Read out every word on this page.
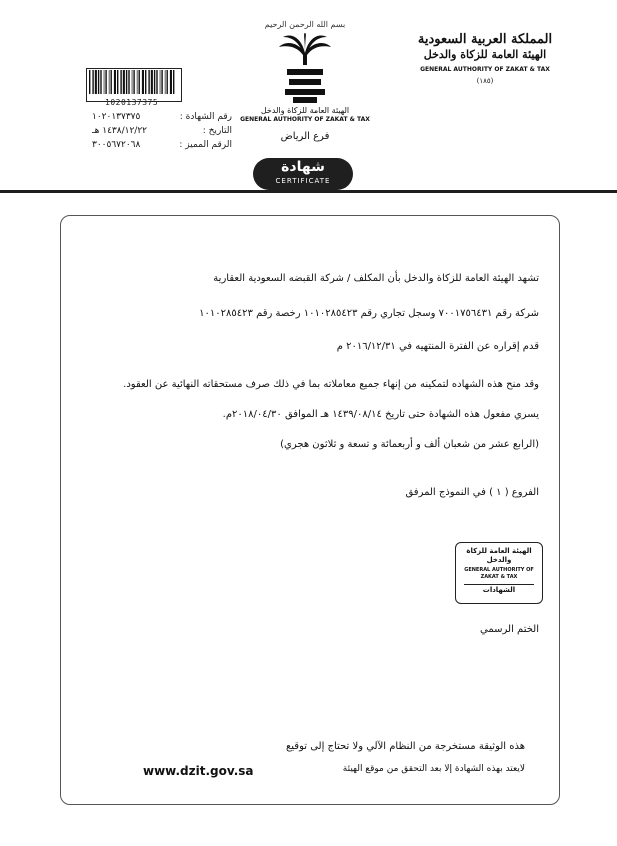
1020137375
رقم الشهادة :
١٠٢٠١٣٧٣٧٥
التاريخ :
١٤٣٨/١٢/٢٢ هـ
الرقم المميز :
٣٠٠٥٦٧٢٠٦٨
بسم الله الرحمن الرحيم
الهيئة العامة للزكاة والدخل
GENERAL AUTHORITY OF ZAKAT & TAX
فرع الرياض
شهادة
CERTIFICATE
المملكة العربية السعودية
الهيئة العامة للزكاة والدخل
GENERAL AUTHORITY OF ZAKAT & TAX
(١٨٥)
تشهد الهيئة العامة للزكاة والدخل بأن المكلف / شركة القبضه السعودية العقارية
شركة رقم ٧٠٠١٧٥٦٤٣١ وسجل تجاري رقم ١٠١٠٢٨٥٤٢٣ رخصة رقم ١٠١٠٢٨٥٤٢٣
قدم إقراره عن الفترة المنتهيه في ٢٠١٦/١٢/٣١ م
وقد منح هذه الشهاده لتمكينه من إنهاء جميع معاملاته بما في ذلك صرف مستحقاته النهائية عن العقود.
يسري مفعول هذه الشهادة حتى تاريخ ١٤٣٩/٠٨/١٤ هـ الموافق ٢٠١٨/٠٤/٣٠م.
(الرابع عشر من شعبان ألف و أربعمائة و تسعة و ثلاثون هجري)
الفروع ( ١ ) في النموذج المرفق
الهيئة العامة للزكاة والدخل
GENERAL AUTHORITY OF ZAKAT & TAX
الشهادات
الختم الرسمي
هذه الوثيقة مستخرجة من النظام الآلي ولا تحتاج إلى توقيع
لايعتد بهذه الشهادة إلا بعد التحقق من موقع الهيئة
www.dzit.gov.sa
